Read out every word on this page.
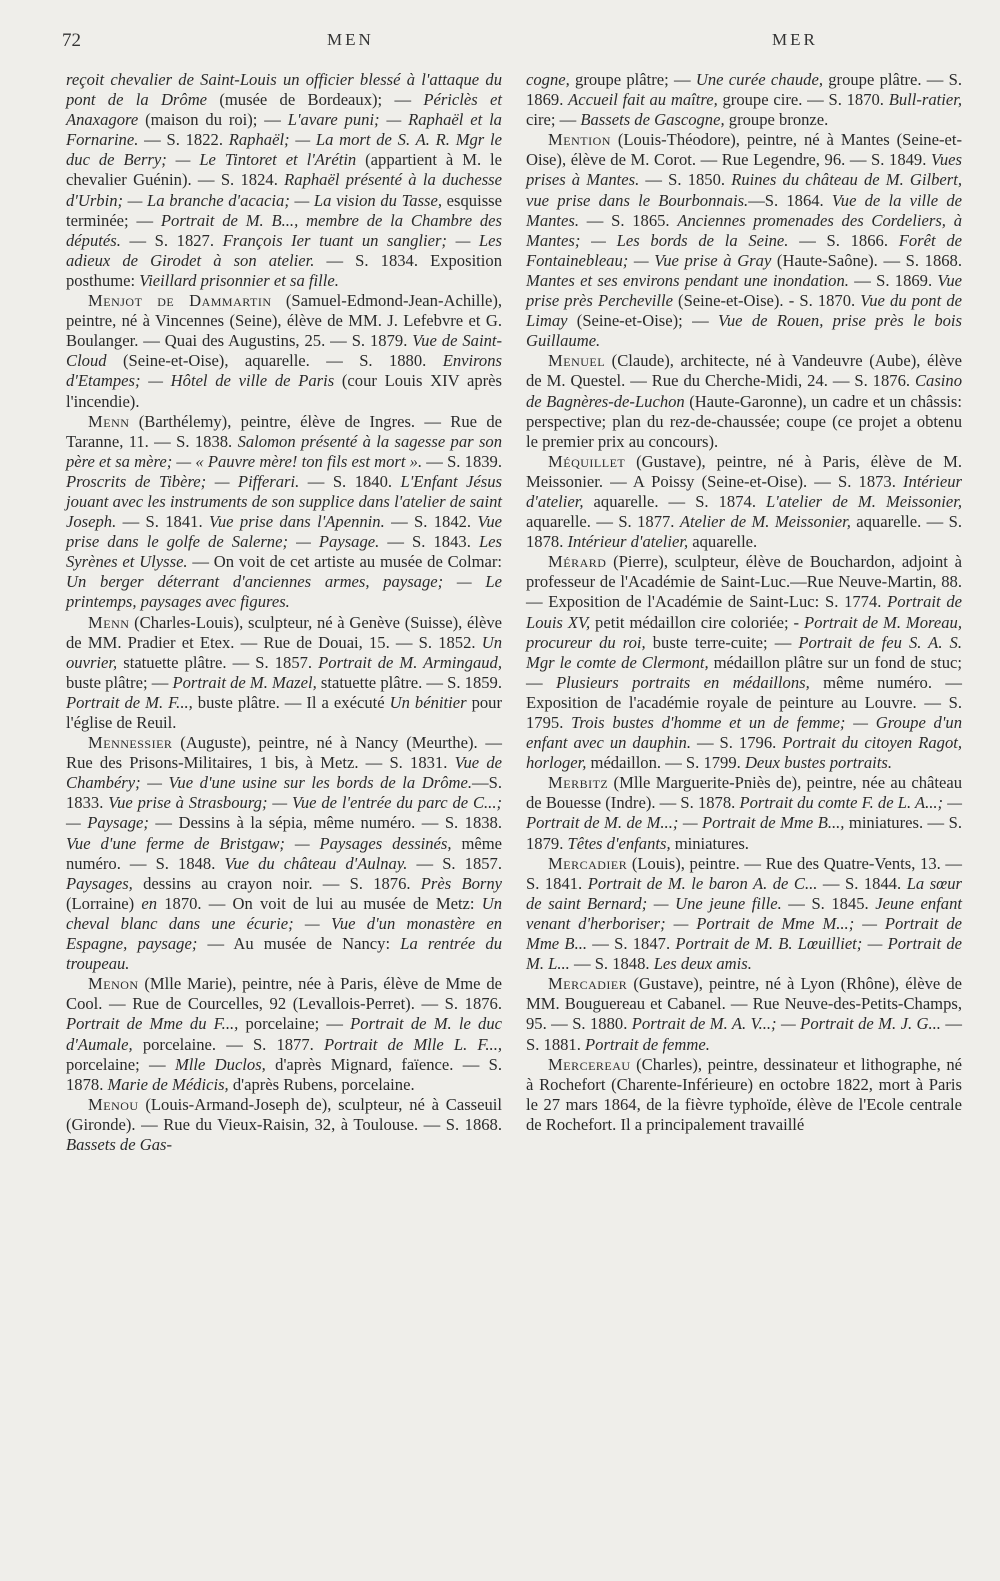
72	MEN	MER

reçoit chevalier de Saint-Louis un officier blessé à l'attaque du pont de la Drôme (musée de Bordeaux); — Périclès et Anaxagore (maison du roi); — L'avare puni; — Raphaël et la Fornarine. — S. 1822. Raphaël; — La mort de S. A. R. Mgr le duc de Berry; — Le Tintoret et l'Arétin (appartient à M. le chevalier Guénin). — S. 1824. Raphaël présenté à la duchesse d'Urbin; — La branche d'acacia; — La vision du Tasse, esquisse terminée; — Portrait de M. B..., membre de la Chambre des députés. — S. 1827. François Ier tuant un sanglier; — Les adieux de Girodet à son atelier. — S. 1834. Exposition posthume: Vieillard prisonnier et sa fille.

Menjot de Dammartin (Samuel-Edmond-Jean-Achille), peintre, né à Vincennes (Seine), élève de MM. J. Lefebvre et G. Boulanger. — Quai des Augustins, 25. — S. 1879. Vue de Saint-Cloud (Seine-et-Oise), aquarelle. — S. 1880. Environs d'Etampes; — Hôtel de ville de Paris (cour Louis XIV après l'incendie).

Menn (Barthélemy), peintre, élève de Ingres. — Rue de Taranne, 11. — S. 1838. Salomon présenté à la sagesse par son père et sa mère; — « Pauvre mère! ton fils est mort ». — S. 1839. Proscrits de Tibère; — Pifferari. — S. 1840. L'Enfant Jésus jouant avec les instruments de son supplice dans l'atelier de saint Joseph. — S. 1841. Vue prise dans l'Apennin. — S. 1842. Vue prise dans le golfe de Salerne; — Paysage. — S. 1843. Les Syrènes et Ulysse. — On voit de cet artiste au musée de Colmar: Un berger déterrant d'anciennes armes, paysage; — Le printemps, paysages avec figures.

Menn (Charles-Louis), sculpteur, né à Genève (Suisse), élève de MM. Pradier et Etex. — Rue de Douai, 15. — S. 1852. Un ouvrier, statuette plâtre. — S. 1857. Portrait de M. Armingaud, buste plâtre; — Portrait de M. Mazel, statuette plâtre. — S. 1859. Portrait de M. F..., buste plâtre. — Il a exécuté Un bénitier pour l'église de Reuil.

Mennessier (Auguste), peintre, né à Nancy (Meurthe). — Rue des Prisons-Militaires, 1 bis, à Metz. — S. 1831. Vue de Chambéry; — Vue d'une usine sur les bords de la Drôme.—S. 1833. Vue prise à Strasbourg; — Vue de l'entrée du parc de C...; — Paysage; — Dessins à la sépia, même numéro. — S. 1838. Vue d'une ferme de Bristgaw; — Paysages dessinés, même numéro. — S. 1848. Vue du château d'Aulnay. — S. 1857. Paysages, dessins au crayon noir. — S. 1876. Près Borny (Lorraine) en 1870. — On voit de lui au musée de Metz: Un cheval blanc dans une écurie; — Vue d'un monastère en Espagne, paysage; — Au musée de Nancy: La rentrée du troupeau.

Menon (Mlle Marie), peintre, née à Paris, élève de Mme de Cool. — Rue de Courcelles, 92 (Levallois-Perret). — S. 1876. Portrait de Mme du F..., porcelaine; — Portrait de M. le duc d'Aumale, porcelaine. — S. 1877. Portrait de Mlle L. F..., porcelaine; — Mlle Duclos, d'après Mignard, faïence. — S. 1878. Marie de Médicis, d'après Rubens, porcelaine.

Menou (Louis-Armand-Joseph de), sculpteur, né à Casseuil (Gironde). — Rue du Vieux-Raisin, 32, à Toulouse. — S. 1868. Bassets de Gas-

cogne, groupe plâtre; — Une curée chaude, groupe plâtre. — S. 1869. Accueil fait au maître, groupe cire. — S. 1870. Bull-ratier, cire; — Bassets de Gascogne, groupe bronze.

Mention (Louis-Théodore), peintre, né à Mantes (Seine-et-Oise), élève de M. Corot. — Rue Legendre, 96. — S. 1849. Vues prises à Mantes. — S. 1850. Ruines du château de M. Gilbert, vue prise dans le Bourbonnais.—S. 1864. Vue de la ville de Mantes. — S. 1865. Anciennes promenades des Cordeliers, à Mantes; — Les bords de la Seine. — S. 1866. Forêt de Fontainebleau; — Vue prise à Gray (Haute-Saône). — S. 1868. Mantes et ses environs pendant une inondation. — S. 1869. Vue prise près Percheville (Seine-et-Oise). - S. 1870. Vue du pont de Limay (Seine-et-Oise); — Vue de Rouen, prise près le bois Guillaume.

Menuel (Claude), architecte, né à Vandeuvre (Aube), élève de M. Questel. — Rue du Cherche-Midi, 24. — S. 1876. Casino de Bagnères-de-Luchon (Haute-Garonne), un cadre et un châssis: perspective; plan du rez-de-chaussée; coupe (ce projet a obtenu le premier prix au concours).

Méquillet (Gustave), peintre, né à Paris, élève de M. Meissonier. — A Poissy (Seine-et-Oise). — S. 1873. Intérieur d'atelier, aquarelle. — S. 1874. L'atelier de M. Meissonier, aquarelle. — S. 1877. Atelier de M. Meissonier, aquarelle. — S. 1878. Intérieur d'atelier, aquarelle.

Mérard (Pierre), sculpteur, élève de Bouchardon, adjoint à professeur de l'Académie de Saint-Luc.—Rue Neuve-Martin, 88. — Exposition de l'Académie de Saint-Luc: S. 1774. Portrait de Louis XV, petit médaillon cire coloriée; - Portrait de M. Moreau, procureur du roi, buste terre-cuite; — Portrait de feu S. A. S. Mgr le comte de Clermont, médaillon plâtre sur un fond de stuc; — Plusieurs portraits en médaillons, même numéro. — Exposition de l'académie royale de peinture au Louvre. — S. 1795. Trois bustes d'homme et un de femme; — Groupe d'un enfant avec un dauphin. — S. 1796. Portrait du citoyen Ragot, horloger, médaillon. — S. 1799. Deux bustes portraits.

Merbitz (Mlle Marguerite-Pniès de), peintre, née au château de Bouesse (Indre). — S. 1878. Portrait du comte F. de L. A...; — Portrait de M. de M...; — Portrait de Mme B..., miniatures. — S. 1879. Têtes d'enfants, miniatures.

Mercadier (Louis), peintre. — Rue des Quatre-Vents, 13. — S. 1841. Portrait de M. le baron A. de C... — S. 1844. La sœur de saint Bernard; — Une jeune fille. — S. 1845. Jeune enfant venant d'herboriser; — Portrait de Mme M...; — Portrait de Mme B... — S. 1847. Portrait de M. B. Lœuilliet; — Portrait de M. L... — S. 1848. Les deux amis.

Mercadier (Gustave), peintre, né à Lyon (Rhône), élève de MM. Bouguereau et Cabanel. — Rue Neuve-des-Petits-Champs, 95. — S. 1880. Portrait de M. A. V...; — Portrait de M. J. G... — S. 1881. Portrait de femme.

Mercereau (Charles), peintre, dessinateur et lithographe, né à Rochefort (Charente-Inférieure) en octobre 1822, mort à Paris le 27 mars 1864, de la fièvre typhoïde, élève de l'Ecole centrale de Rochefort. Il a principalement travaillé
